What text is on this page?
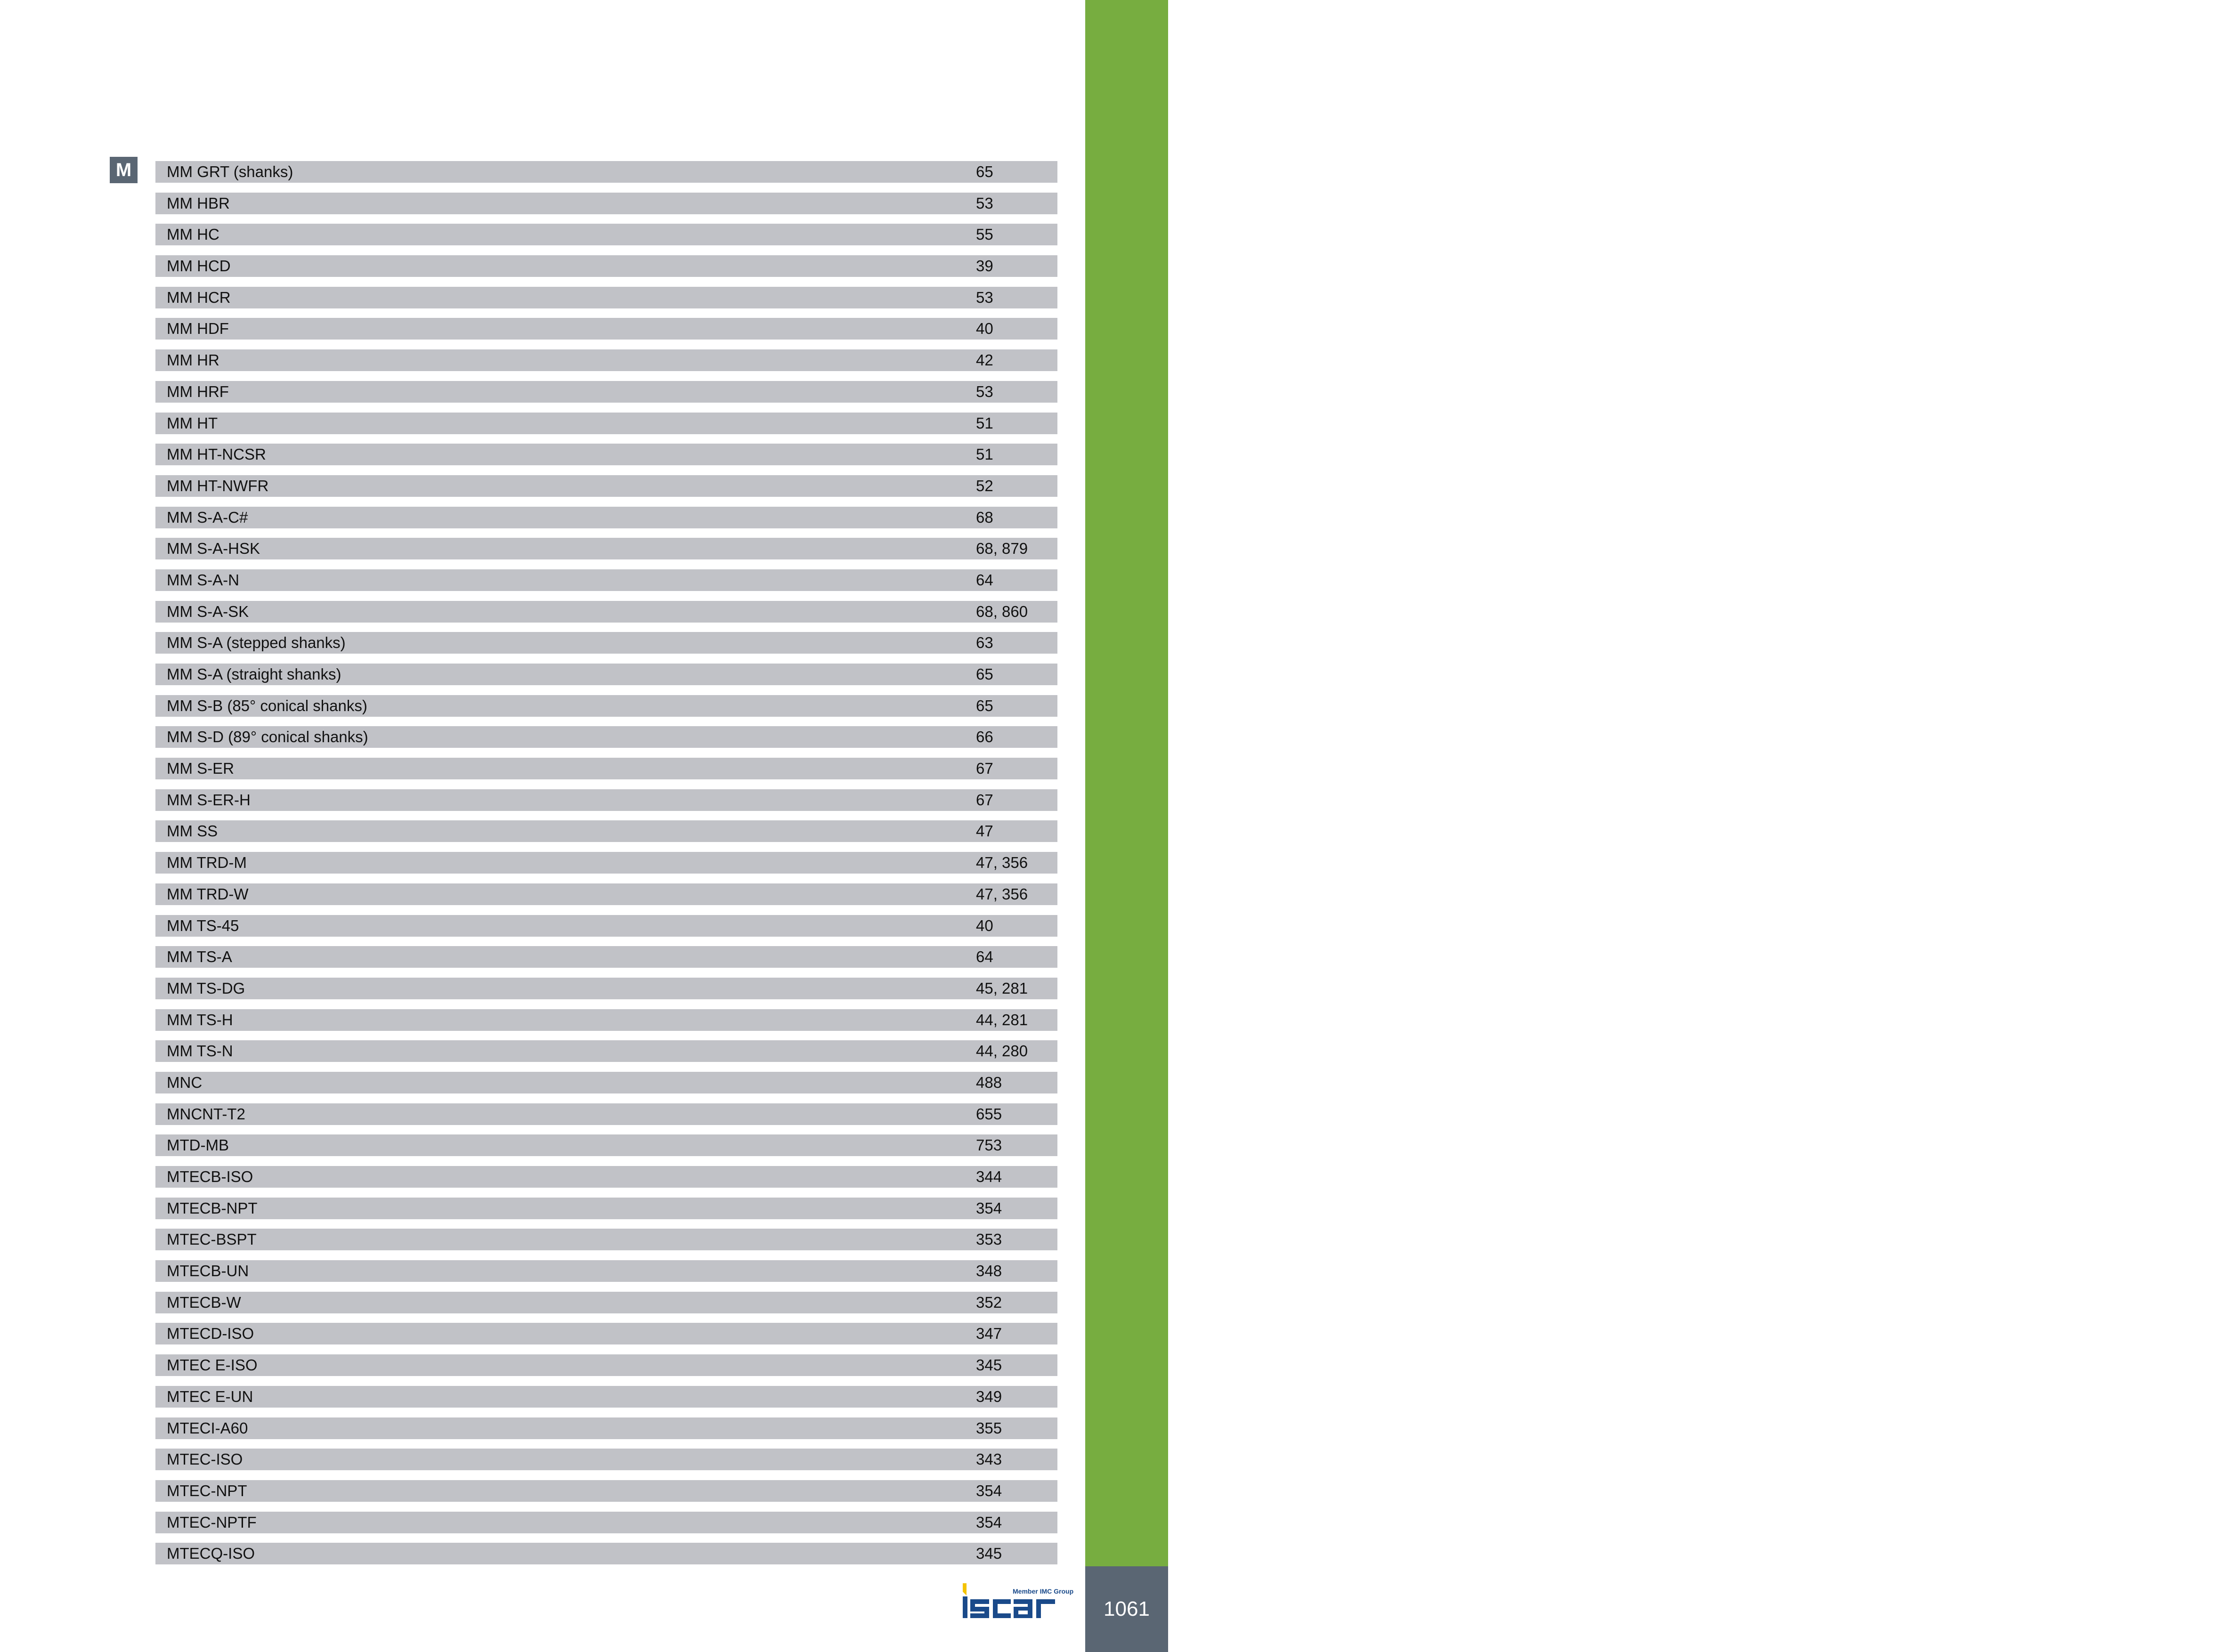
ALPHABETICAL INDEX
1061
M	MM GRT (shanks)	65
MM HBR	53
MM HC	55
MM HCD	39
MM HCR	53
MM HDF	40
MM HR	42
MM HRF	53
MM HT	51
MM HT-NCSR	51
MM HT-NWFR	52
MM S-A-C#	68
MM S-A-HSK	68, 879
MM S-A-N	64
MM S-A-SK	68, 860
MM S-A (stepped shanks)	63
MM S-A (straight shanks)	65
MM S-B (85° conical shanks)	65
MM S-D (89° conical shanks)	66
MM S-ER	67
MM S-ER-H	67
MM SS	47
MM TRD-M	47, 356
MM TRD-W	47, 356
MM TS-45	40
MM TS-A	64
MM TS-DG	45, 281
MM TS-H	44, 281
MM TS-N	44, 280
MNC	488
MNCNT-T2	655
MTD-MB	753
MTECB-ISO	344
MTECB-NPT	354
MTEC-BSPT	353
MTECB-UN	348
MTECB-W	352
MTECD-ISO	347
MTEC E-ISO	345
MTEC E-UN	349
MTECI-A60	355
MTEC-ISO	343
MTEC-NPT	354
MTEC-NPTF	354
MTECQ-ISO	345
Member IMC Group
